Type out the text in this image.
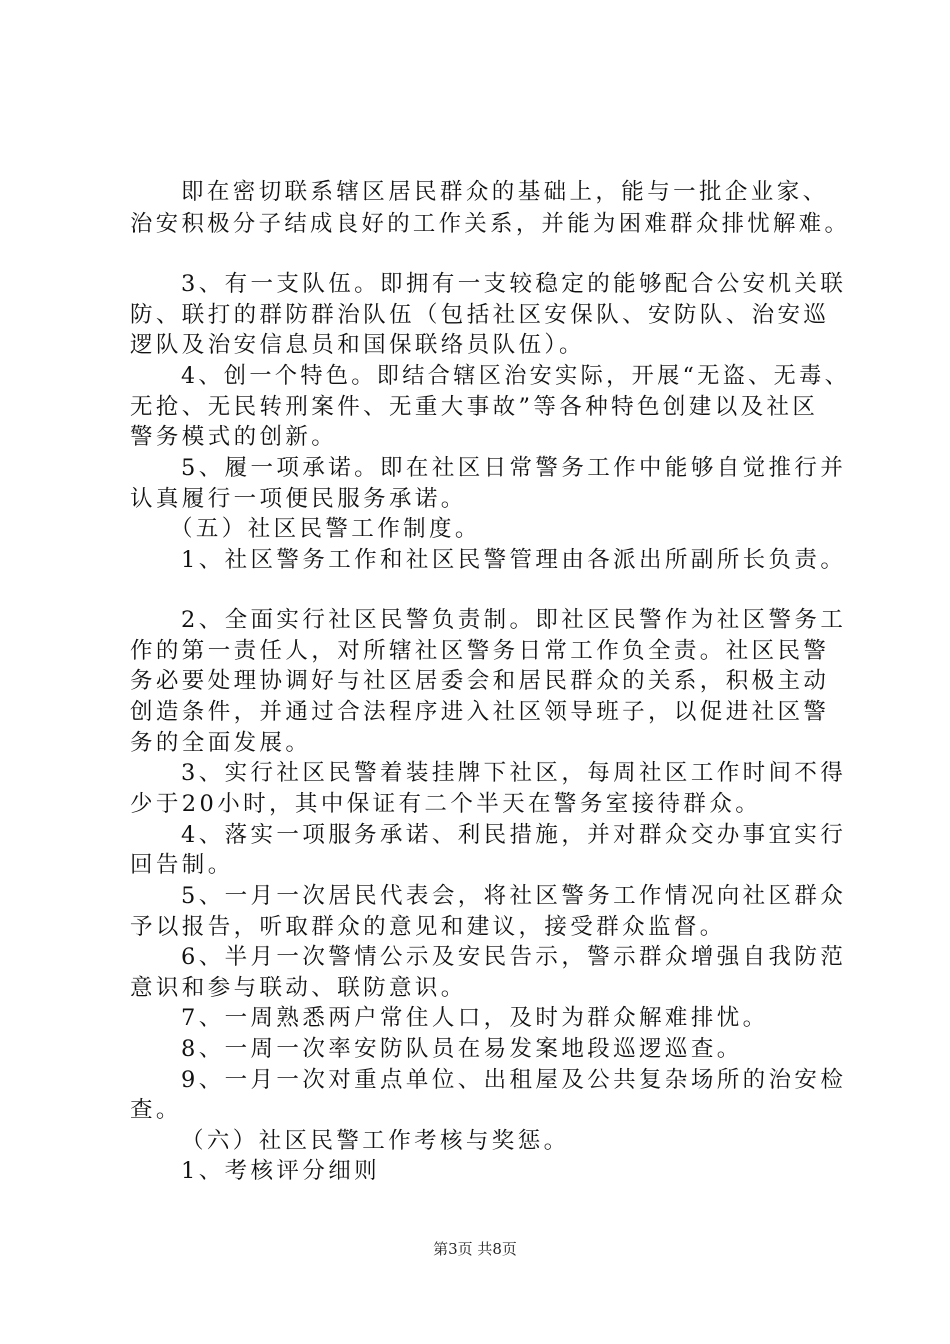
即在密切联系辖区居民群众的基础上，能与一批企业家、
治安积极分子结成良好的工作关系，并能为困难群众排忧解难。
3、有一支队伍。即拥有一支较稳定的能够配合公安机关联
防、联打的群防群治队伍（包括社区安保队、安防队、治安巡
逻队及治安信息员和国保联络员队伍）。
4、创一个特色。即结合辖区治安实际，开展“无盗、无毒、
无抢、无民转刑案件、无重大事故”等各种特色创建以及社区
警务模式的创新。
5、履一项承诺。即在社区日常警务工作中能够自觉推行并
认真履行一项便民服务承诺。
（五）社区民警工作制度。
1、社区警务工作和社区民警管理由各派出所副所长负责。
2、全面实行社区民警负责制。即社区民警作为社区警务工
作的第一责任人，对所辖社区警务日常工作负全责。社区民警
务必要处理协调好与社区居委会和居民群众的关系，积极主动
创造条件，并通过合法程序进入社区领导班子，以促进社区警
务的全面发展。
3、实行社区民警着装挂牌下社区，每周社区工作时间不得
少于20小时，其中保证有二个半天在警务室接待群众。
4、落实一项服务承诺、利民措施，并对群众交办事宜实行
回告制。
5、一月一次居民代表会，将社区警务工作情况向社区群众
予以报告，听取群众的意见和建议，接受群众监督。
6、半月一次警情公示及安民告示，警示群众增强自我防范
意识和参与联动、联防意识。
7、一周熟悉两户常住人口，及时为群众解难排忧。
8、一周一次率安防队员在易发案地段巡逻巡查。
9、一月一次对重点单位、出租屋及公共复杂场所的治安检
查。
（六）社区民警工作考核与奖惩。
1、考核评分细则
第3页 共8页
